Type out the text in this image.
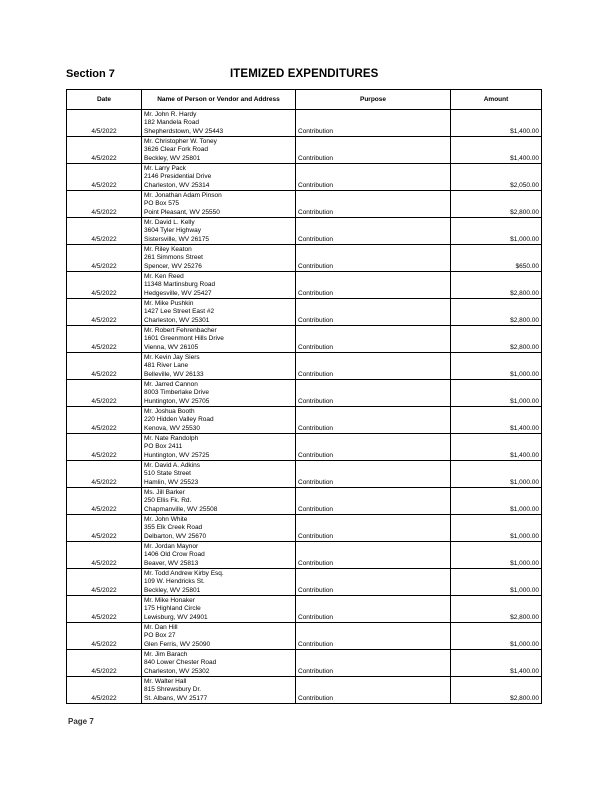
Section 7	ITEMIZED EXPENDITURES
Date	Name of Person or Vendor and Address	Purpose	Amount
4/5/2022	Mr. John R. Hardy
182 Mandela Road
Shepherdstown, WV 25443	Contribution	$1,400.00
4/5/2022	Mr. Christopher W. Toney
3626 Clear Fork Road
Beckley, WV 25801	Contribution	$1,400.00
4/5/2022	Mr. Larry Pack
2146 Presidential Drive
Charleston, WV 25314	Contribution	$2,050.00
4/5/2022	Mr. Jonathan Adam Pinson
PO Box 575
Point Pleasant, WV 25550	Contribution	$2,800.00
4/5/2022	Mr. David L. Kelly
3604 Tyler Highway
Sistersville, WV 26175	Contribution	$1,000.00
4/5/2022	Mr. Riley Keaton
261 Simmons Street
Spencer, WV 25276	Contribution	$650.00
4/5/2022	Mr. Ken Reed
11348 Martinsburg Road
Hedgesville, WV 25427	Contribution	$2,800.00
4/5/2022	Mr. Mike Pushkin
1427 Lee Street East #2
Charleston, WV 25301	Contribution	$2,800.00
4/5/2022	Mr. Robert Fehrenbacher
1601 Greenmont Hills Drive
Vienna, WV 26105	Contribution	$2,800.00
4/5/2022	Mr. Kevin Jay Siers
481 River Lane
Belleville, WV 26133	Contribution	$1,000.00
4/5/2022	Mr. Jarred Cannon
8003 Timberlake Drive
Huntington, WV 25705	Contribution	$1,000.00
4/5/2022	Mr. Joshua Booth
220 Hidden Valley Road
Kenova, WV 25530	Contribution	$1,400.00
4/5/2022	Mr. Nate Randolph
PO Box 2411
Huntington, WV 25725	Contribution	$1,400.00
4/5/2022	Mr. David A. Adkins
510 State Street
Hamlin, WV 25523	Contribution	$1,000.00
4/5/2022	Ms. Jill Barker
250 Ellis Fk. Rd.
Chapmanville, WV 25508	Contribution	$1,000.00
4/5/2022	Mr. John White
355 Elk Creek Road
Delbarton, WV 25670	Contribution	$1,000.00
4/5/2022	Mr. Jordan Maynor
1406 Old Crow Road
Beaver, WV 25813	Contribution	$1,000.00
4/5/2022	Mr. Todd Andrew Kirby Esq.
109 W. Hendricks St.
Beckley, WV 25801	Contribution	$1,000.00
4/5/2022	Mr. Mike Honaker
175 Highland Circle
Lewisburg, WV 24901	Contribution	$2,800.00
4/5/2022	Mr. Dan Hill
PO Box 27
Glen Ferris, WV 25090	Contribution	$1,000.00
4/5/2022	Mr. Jim Barach
840 Lower Chester Road
Charleston, WV 25302	Contribution	$1,400.00
4/5/2022	Mr. Walter Hall
815 Shrewsbury Dr.
St. Albans, WV 25177	Contribution	$2,800.00
Page 7
